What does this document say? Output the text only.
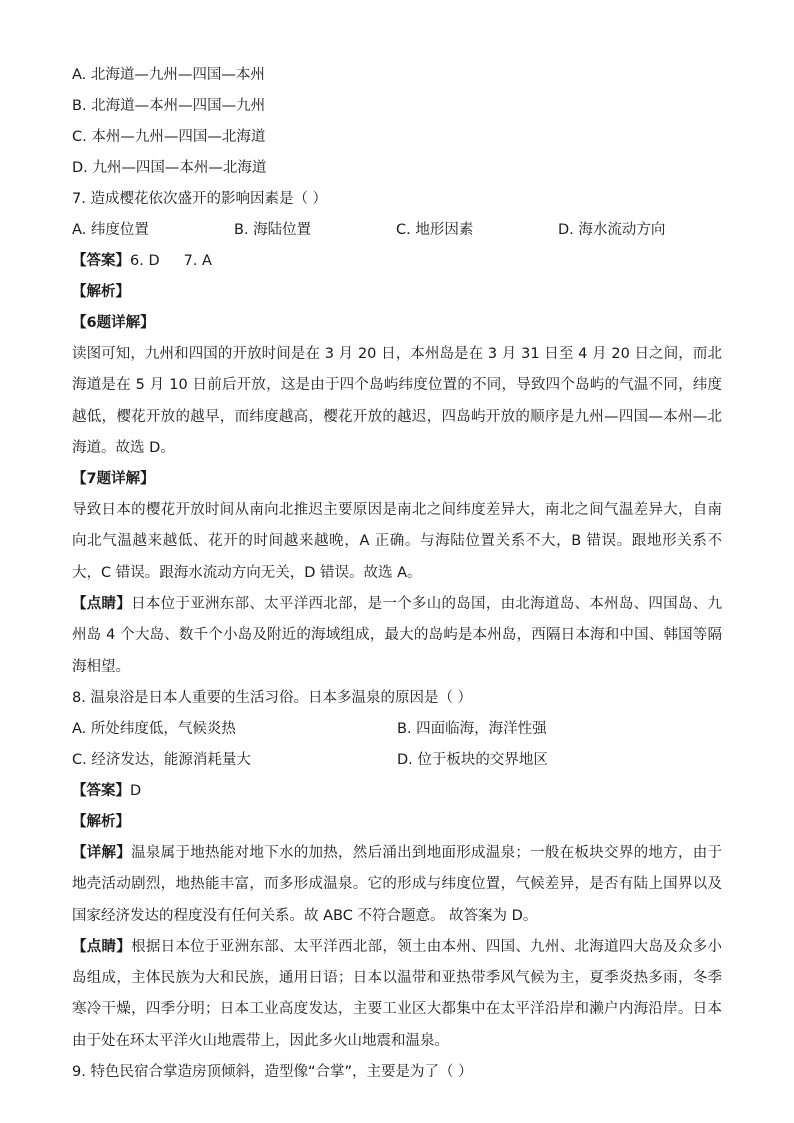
A. 北海道—九州—四国—本州
B. 北海道—本州—四国—九州
C. 本州—九州—四国—北海道
D. 九州—四国—本州—北海道
7. 造成樱花依次盛开的影响因素是（ ）
A. 纬度位置	B. 海陆位置	C. 地形因素	D. 海水流动方向
【答案】6. D 7. A
【解析】
【6题详解】
读图可知，九州和四国的开放时间是在 3 月 20 日，本州岛是在 3 月 31 日至 4 月 20 日之间，而北海道是在 5 月 10 日前后开放，这是由于四个岛屿纬度位置的不同，导致四个岛屿的气温不同，纬度越低，樱花开放的越早，而纬度越高，樱花开放的越迟，四岛屿开放的顺序是九州—四国—本州—北海道。故选 D。
【7题详解】
导致日本的樱花开放时间从南向北推迟主要原因是南北之间纬度差异大，南北之间气温差异大，自南向北气温越来越低、花开的时间越来越晚，A 正确。与海陆位置关系不大，B 错误。跟地形关系不大，C 错误。跟海水流动方向无关，D 错误。故选 A。
【点睛】日本位于亚洲东部、太平洋西北部，是一个多山的岛国，由北海道岛、本州岛、四国岛、九州岛 4 个大岛、数千个小岛及附近的海域组成，最大的岛屿是本州岛，西隔日本海和中国、韩国等隔海相望。
8. 温泉浴是日本人重要的生活习俗。日本多温泉的原因是（ ）
A. 所处纬度低，气候炎热	B. 四面临海，海洋性强
C. 经济发达，能源消耗量大	D. 位于板块的交界地区
【答案】D
【解析】
【详解】温泉属于地热能对地下水的加热，然后涌出到地面形成温泉；一般在板块交界的地方，由于地壳活动剧烈，地热能丰富，而多形成温泉。它的形成与纬度位置，气候差异，是否有陆上国界以及国家经济发达的程度没有任何关系。故 ABC 不符合题意。 故答案为 D。
【点睛】根据日本位于亚洲东部、太平洋西北部，领土由本州、四国、九州、北海道四大岛及众多小岛组成，主体民族为大和民族，通用日语；日本以温带和亚热带季风气候为主，夏季炎热多雨，冬季寒冷干燥，四季分明；日本工业高度发达，主要工业区大都集中在太平洋沿岸和濑户内海沿岸。日本由于处在环太平洋火山地震带上，因此多火山地震和温泉。
9. 特色民宿合掌造房顶倾斜，造型像“合掌”，主要是为了（ ）
